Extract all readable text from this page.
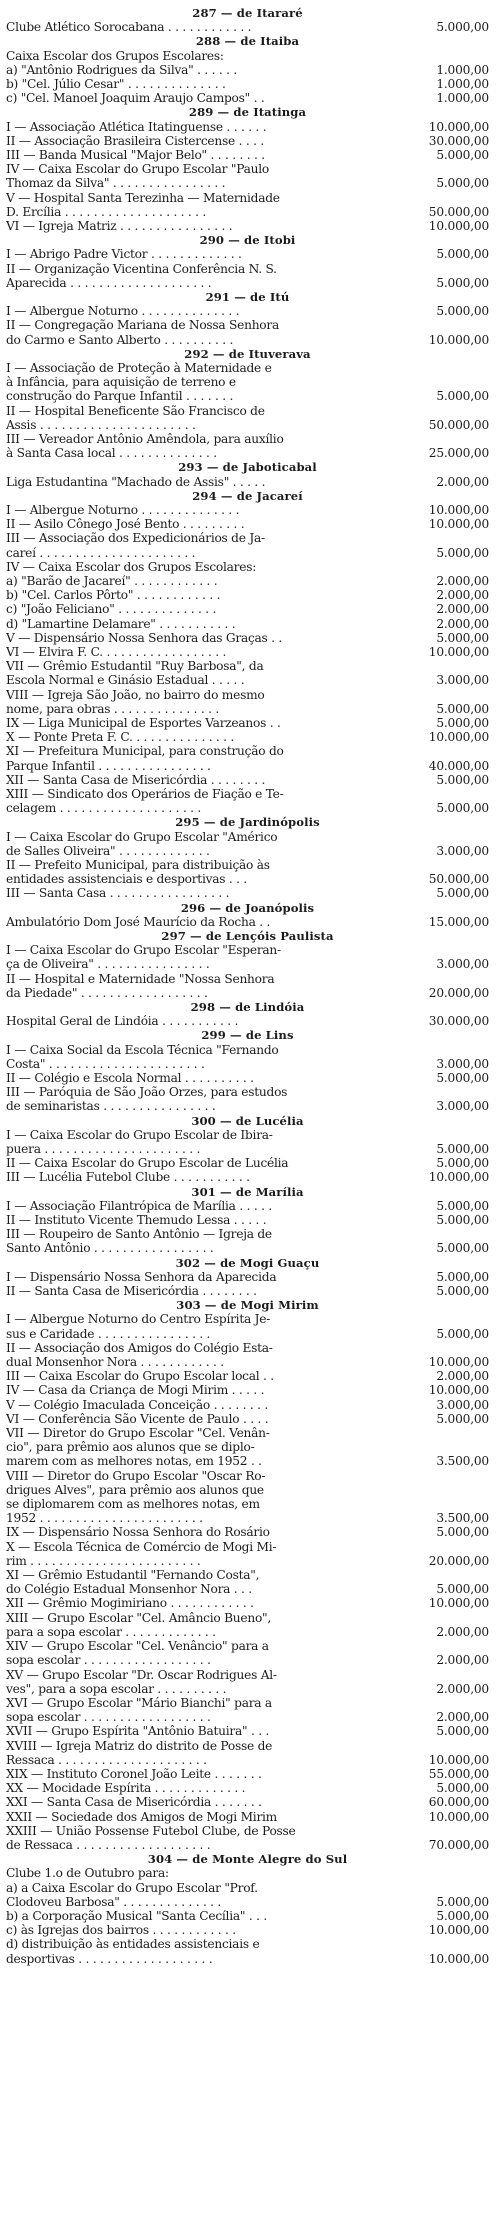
287 — de Itararé
Clube Atlético Sorocabana . . . . . . . . . . . .	5.000,00
288 — de Itaiba
Caixa Escolar dos Grupos Escolares:
a) "Antônio Rodrigues da Silva" . . . . . .	1.000,00
b) "Cel. Júlio Cesar" . . . . . . . . . . . . . .	1.000,00
c) "Cel. Manoel Joaquim Araujo Campos" . .	1.000,00
289 — de Itatinga
I — Associação Atlética Itatinguense . . . . . .	10.000,00
II — Associação Brasileira Cistercense . . . .	30.000,00
III — Banda Musical "Major Belo" . . . . . . . .	5.000,00
IV — Caixa Escolar do Grupo Escolar "Paulo
Thomaz da Silva" . . . . . . . . . . . . . . . .	5.000,00
V — Hospital Santa Terezinha — Maternidade
D. Ercília . . . . . . . . . . . . . . . . . . . .	50.000,00
VI — Igreja Matriz . . . . . . . . . . . . . . . .	10.000,00
290 — de Itobi
I — Abrigo Padre Victor . . . . . . . . . . . . .	5.000,00
II — Organização Vicentina Conferência N. S.
Aparecida . . . . . . . . . . . . . . . . . . . .	5.000,00
291 — de Itú
I — Albergue Noturno . . . . . . . . . . . . . .	5.000,00
II — Congregação Mariana de Nossa Senhora
do Carmo e Santo Alberto . . . . . . . . . .	10.000,00
292 — de Ituverava
I — Associação de Proteção à Maternidade e
à Infância, para aquisição de terreno e
construção do Parque Infantil . . . . . . .	5.000,00
II — Hospital Beneficente São Francisco de
Assis . . . . . . . . . . . . . . . . . . . . . .	50.000,00
III — Vereador Antônio Amêndola, para auxílio
à Santa Casa local . . . . . . . . . . . . . .	25.000,00
293 — de Jaboticabal
Liga Estudantina "Machado de Assis" . . . . .	2.000,00
294 — de Jacareí
I — Albergue Noturno . . . . . . . . . . . . . .	10.000,00
II — Asilo Cônego José Bento . . . . . . . . .	10.000,00
III — Associação dos Expedicionários de Ja-
careí . . . . . . . . . . . . . . . . . . . . . .	5.000,00
IV — Caixa Escolar dos Grupos Escolares:
a) "Barão de Jacareí" . . . . . . . . . . . .	2.000,00
b) "Cel. Carlos Pôrto" . . . . . . . . . . . .	2.000,00
c) "João Feliciano" . . . . . . . . . . . . . .	2.000,00
d) "Lamartine Delamare" . . . . . . . . . . .	2.000,00
V — Dispensário Nossa Senhora das Graças . .	5.000,00
VI — Elvira F. C. . . . . . . . . . . . . . . . . .	10.000,00
VII — Grêmio Estudantil "Ruy Barbosa", da
Escola Normal e Ginásio Estadual . . . . .	3.000,00
VIII — Igreja São João, no bairro do mesmo
nome, para obras . . . . . . . . . . . . . . .	5.000,00
IX — Liga Municipal de Esportes Varzeanos . .	5.000,00
X — Ponte Preta F. C. . . . . . . . . . . . . . .	10.000,00
XI — Prefeitura Municipal, para construção do
Parque Infantil . . . . . . . . . . . . . . . .	40.000,00
XII — Santa Casa de Misericórdia . . . . . . . .	5.000,00
XIII — Sindicato dos Operários de Fiação e Te-
celagem . . . . . . . . . . . . . . . . . . . .	5.000,00
295 — de Jardinópolis
I — Caixa Escolar do Grupo Escolar "Américo
de Salles Oliveira" . . . . . . . . . . . . .	3.000,00
II — Prefeito Municipal, para distribuição às
entidades assistenciais e desportivas . . .	50.000,00
III — Santa Casa . . . . . . . . . . . . . . . . .	5.000,00
296 — de Joanópolis
Ambulatório Dom José Maurício da Rocha . .	15.000,00
297 — de Lençóis Paulista
I — Caixa Escolar do Grupo Escolar "Esperan-
ça de Oliveira" . . . . . . . . . . . . . . . .	3.000,00
II — Hospital e Maternidade "Nossa Senhora
da Piedade" . . . . . . . . . . . . . . . . . .	20.000,00
298 — de Lindóia
Hospital Geral de Lindóia . . . . . . . . . . .	30.000,00
299 — de Lins
I — Caixa Social da Escola Técnica "Fernando
Costa" . . . . . . . . . . . . . . . . . . . . . .	3.000,00
II — Colégio e Escola Normal . . . . . . . . . .	5.000,00
III — Paróquia de São João Orzes, para estudos
de seminaristas . . . . . . . . . . . . . . . .	3.000,00
300 — de Lucélia
I — Caixa Escolar do Grupo Escolar de Ibira-
puera . . . . . . . . . . . . . . . . . . . . . .	5.000,00
II — Caixa Escolar do Grupo Escolar de Lucélia	5.000,00
III — Lucélia Futebol Clube . . . . . . . . . . .	10.000,00
301 — de Marília
I — Associação Filantrópica de Marília . . . . .	5.000,00
II — Instituto Vicente Themudo Lessa . . . . .	5.000,00
III — Roupeiro de Santo Antônio — Igreja de
Santo Antônio . . . . . . . . . . . . . . . . .	5.000,00
302 — de Mogi Guaçu
I — Dispensário Nossa Senhora da Aparecida	5.000,00
II — Santa Casa de Misericórdia . . . . . . . .	5.000,00
303 — de Mogi Mirim
I — Albergue Noturno do Centro Espírita Je-
sus e Caridade . . . . . . . . . . . . . . . .	5.000,00
II — Associação dos Amigos do Colégio Esta-
dual Monsenhor Nora . . . . . . . . . . . .	10.000,00
III — Caixa Escolar do Grupo Escolar local . .	2.000,00
IV — Casa da Criança de Mogi Mirim . . . . .	10.000,00
V — Colégio Imaculada Conceição . . . . . . . .	3.000,00
VI — Conferência São Vicente de Paulo . . . .	5.000,00
VII — Diretor do Grupo Escolar "Cel. Venân-
cio", para prêmio aos alunos que se diplo-
marem com as melhores notas, em 1952 . .	3.500,00
VIII — Diretor do Grupo Escolar "Oscar Ro-
drigues Alves", para prêmio aos alunos que
se diplomarem com as melhores notas, em
1952 . . . . . . . . . . . . . . . . . . . . . . .	3.500,00
IX — Dispensário Nossa Senhora do Rosário	5.000,00
X — Escola Técnica de Comércio de Mogi Mi-
rim . . . . . . . . . . . . . . . . . . . . . . . .	20.000,00
XI — Grêmio Estudantil "Fernando Costa",
do Colégio Estadual Monsenhor Nora . . .	5.000,00
XII — Grêmio Mogimiriano . . . . . . . . . . . .	10.000,00
XIII — Grupo Escolar "Cel. Amâncio Bueno",
para a sopa escolar . . . . . . . . . . . . .	2.000,00
XIV — Grupo Escolar "Cel. Venâncio" para a
sopa escolar . . . . . . . . . . . . . . . . . .	2.000,00
XV — Grupo Escolar "Dr. Oscar Rodrigues Al-
ves", para a sopa escolar . . . . . . . . . .	2.000,00
XVI — Grupo Escolar "Mário Bianchi" para a
sopa escolar . . . . . . . . . . . . . . . . . .	2.000,00
XVII — Grupo Espírita "Antônio Batuira" . . .	5.000,00
XVIII — Igreja Matriz do distrito de Posse de
Ressaca . . . . . . . . . . . . . . . . . . . . .	10.000,00
XIX — Instituto Coronel João Leite . . . . . . .	55.000,00
XX — Mocidade Espírita . . . . . . . . . . . . .	5.000,00
XXI — Santa Casa de Misericórdia . . . . . . .	60.000,00
XXII — Sociedade dos Amigos de Mogi Mirim	10.000,00
XXIII — União Possense Futebol Clube, de Posse
de Ressaca . . . . . . . . . . . . . . . . . . .	70.000,00
304 — de Monte Alegre do Sul
Clube 1.o de Outubro para:
a) a Caixa Escolar do Grupo Escolar "Prof.
Clodoveu Barbosa" . . . . . . . . . . . . . .	5.000,00
b) a Corporação Musical "Santa Cecília" . . .	5.000,00
c) às Igrejas dos bairros . . . . . . . . . . . .	10.000,00
d) distribuição às entidades assistenciais e
desportivas . . . . . . . . . . . . . . . . . . .	10.000,00
